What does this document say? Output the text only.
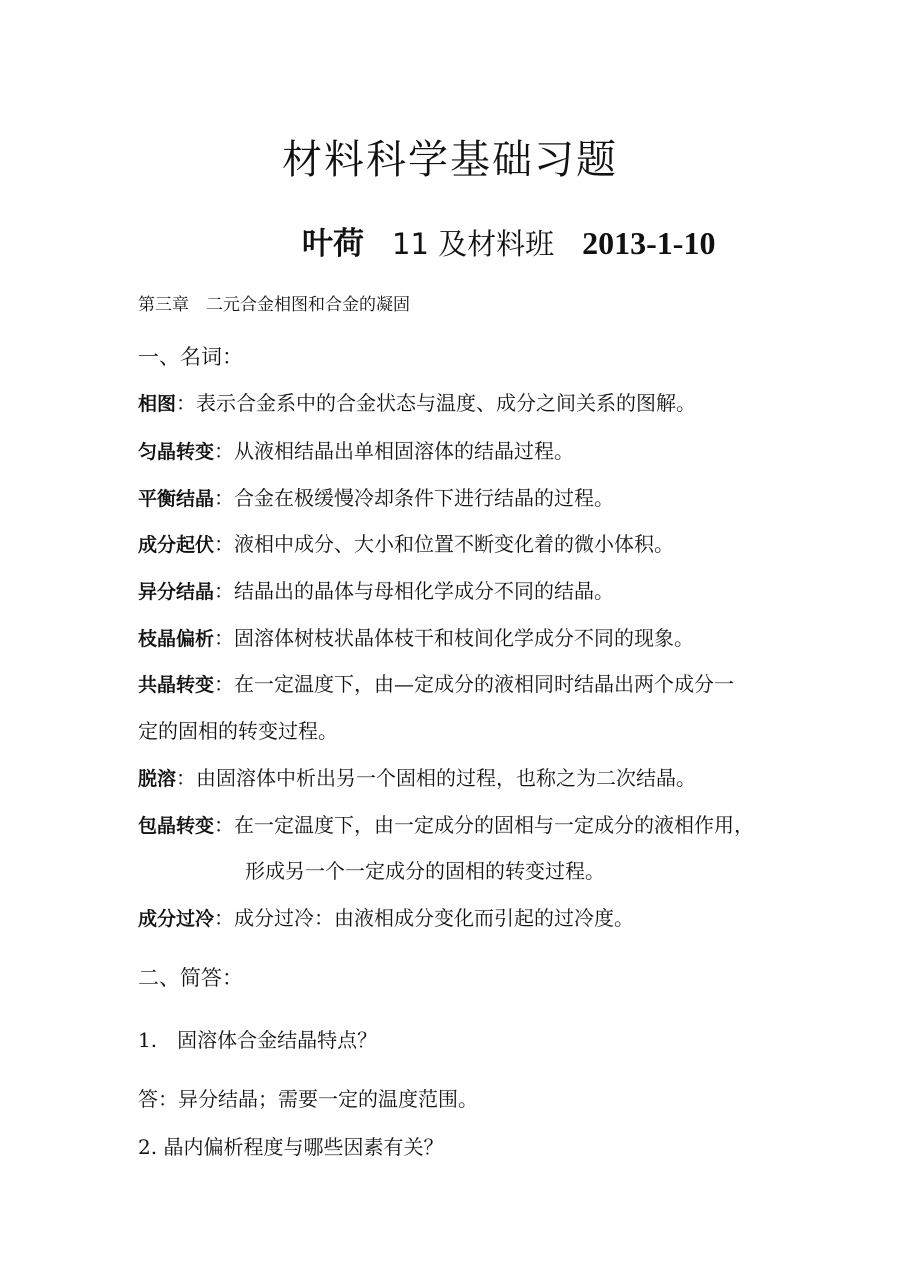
材料科学基础习题
叶荷 11 及材料班 2013-1-10
第三章　二元合金相图和合金的凝固
一、名词：
相图：表示合金系中的合金状态与温度、成分之间关系的图解。
匀晶转变：从液相结晶出单相固溶体的结晶过程。
平衡结晶：合金在极缓慢冷却条件下进行结晶的过程。
成分起伏：液相中成分、大小和位置不断变化着的微小体积。
异分结晶：结晶出的晶体与母相化学成分不同的结晶。
枝晶偏析：固溶体树枝状晶体枝干和枝间化学成分不同的现象。
共晶转变：在一定温度下，由—定成分的液相同时结晶出两个成分一
定的固相的转变过程。
脱溶：由固溶体中析出另一个固相的过程，也称之为二次结晶。
包晶转变：在一定温度下，由一定成分的固相与一定成分的液相作用，
形成另一个一定成分的固相的转变过程。
成分过冷：成分过冷：由液相成分变化而引起的过冷度。
二、简答：
1.　固溶体合金结晶特点？
答：异分结晶；需要一定的温度范围。
2. 晶内偏析程度与哪些因素有关？
